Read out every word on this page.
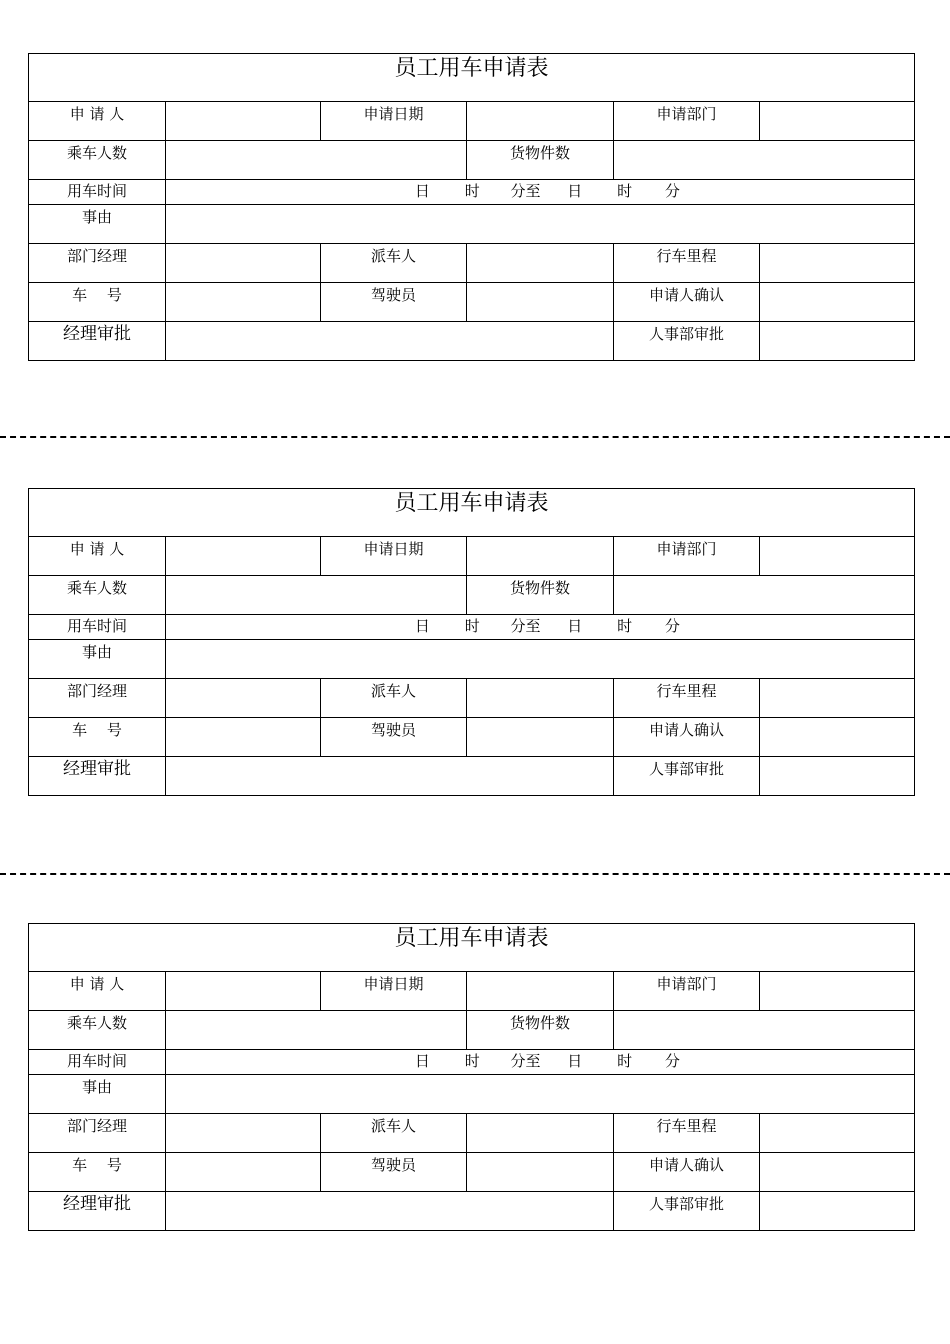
员工用车申请表					
申 请 人		申请日期		申请部门	
乘车人数			货物件数		
用车时间	日 时 分至 日 时 分				
事由					
部门经理		派车人		行车里程	
车　 号		驾驶员		申请人确认	
经理审批				人事部审批	
员工用车申请表					
申 请 人		申请日期		申请部门	
乘车人数			货物件数		
用车时间	日 时 分至 日 时 分				
事由					
部门经理		派车人		行车里程	
车　 号		驾驶员		申请人确认	
经理审批				人事部审批	
员工用车申请表					
申 请 人		申请日期		申请部门	
乘车人数			货物件数		
用车时间	日 时 分至 日 时 分				
事由					
部门经理		派车人		行车里程	
车　 号		驾驶员		申请人确认	
经理审批				人事部审批	
